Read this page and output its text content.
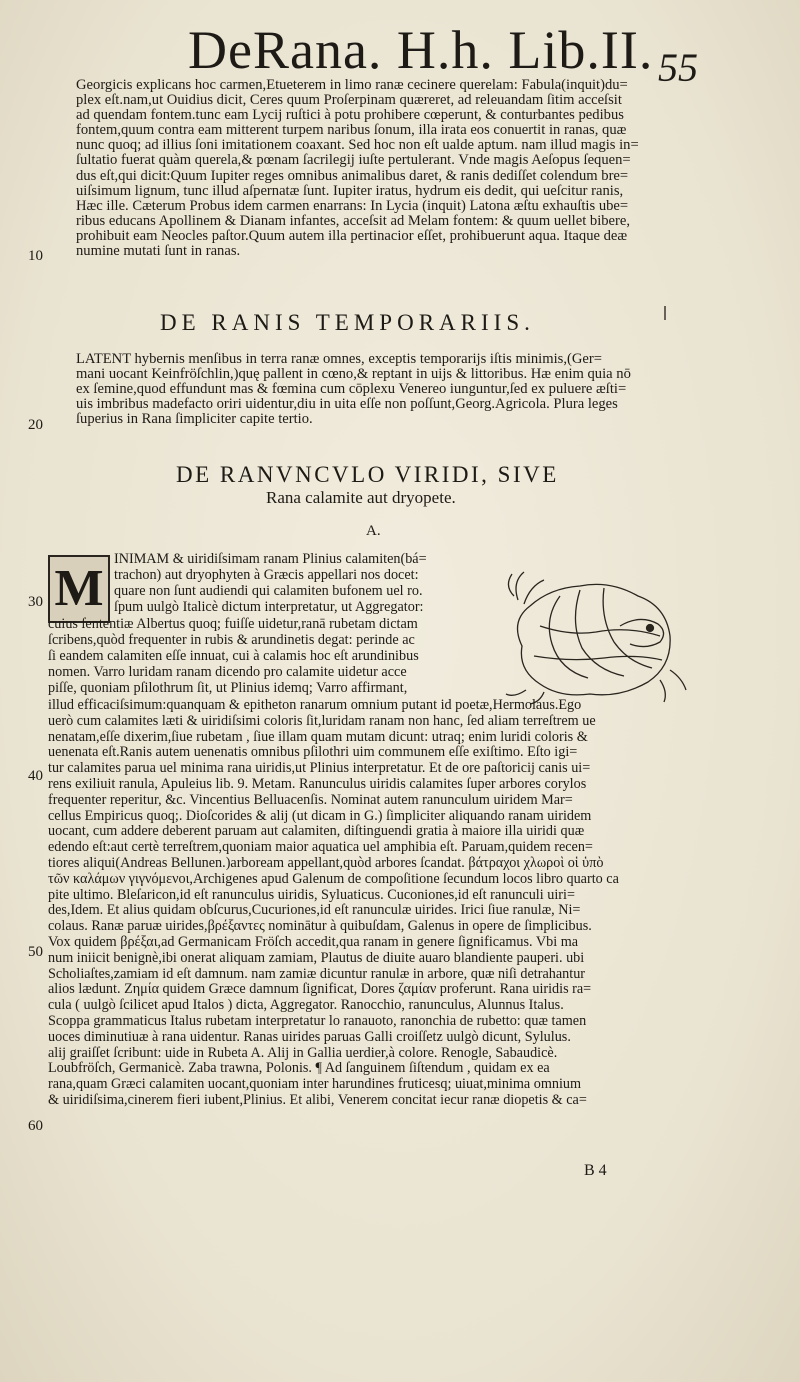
DeRana. H.h. Lib.II. 55
10
20
30
40
50
60
Georgicis explicans hoc carmen,Etueterem in limo ranæ cecinere querelam: Fabula(inquit)du=
plex eſt.nam,ut Ouidius dicit, Ceres quum Proſerpinam quæreret, ad releuandam ſitim acceſsit
ad quendam fontem.tunc eam Lycij ruſtici à potu prohibere cœperunt, & conturbantes pedibus
fontem,quum contra eam mitterent turpem naribus ſonum, illa irata eos conuertit in ranas, quæ
nunc quoq; ad illius ſoni imitationem coaxant. Sed hoc non eſt ualde aptum. nam illud magis in=
ſultatio fuerat quàm querela,& pœnam ſacrilegij iuſte pertulerant. Vnde magis Aeſopus ſequen=
dus eſt,qui dicit:Quum Iupiter reges omnibus animalibus daret, & ranis dediſſet colendum bre=
uiſsimum lignum, tunc illud aſpernatæ ſunt. Iupiter iratus, hydrum eis dedit, qui ueſcitur ranis,
Hæc ille. Cæterum Probus idem carmen enarrans: In Lycia (inquit) Latona æſtu exhauſtis ube=
ribus educans Apollinem & Dianam infantes, acceſsit ad Melam fontem: & quum uellet bibere,
prohibuit eam Neocles paſtor.Quum autem illa pertinacior eſſet, prohibuerunt aqua. Itaque deæ
numine mutati ſunt in ranas.
DE RANIS TEMPORARIIS.
LATENT hybernis menſibus in terra ranæ omnes, exceptis temporarijs iſtis minimis,(Ger=
mani uocant Keinfröſchlin,)quę pallent in cœno,& reptant in uijs & littoribus. Hæ enim quia nō
ex ſemine,quod effundunt mas & fœmina cum cōplexu Venereo iunguntur,ſed ex puluere æſti=
uis imbribus madefacto oriri uidentur,diu in uita eſſe non poſſunt,Georg.Agricola. Plura leges
ſuperius in Rana ſimpliciter capite tertio.
DE RANVNCVLO VIRIDI, SIVE
Rana calamite aut dryopete.
A.
M
INIMAM & uiridiſsimam ranam Plinius calamiten(bá=
trachon) aut dryophyten à Græcis appellari nos docet:
quare non ſunt audiendi qui calamiten bufonem uel ro.
ſpum uulgò Italicè dictum interpretatur, ut Aggregator:
cuius ſententiæ Albertus quoq; fuiſſe uidetur,ranā rubetam dictam
ſcribens,quòd frequenter in rubis & arundinetis degat: perinde ac
ſi eandem calamiten eſſe innuat, cui à calamis hoc eſt arundinibus
nomen. Varro luridam ranam dicendo pro calamite uidetur acce
piſſe, quoniam pſilothrum ſit, ut Plinius idemq; Varro affirmant,
illud efficaciſsimum:quanquam & epitheton ranarum omnium putant id poetæ,Hermolaus.Ego
uerò cum calamites læti & uiridiſsimi coloris ſit,luridam ranam non hanc, ſed aliam terreſtrem ue
nenatam,eſſe dixerim,ſiue rubetam , ſiue illam quam mutam dicunt: utraq; enim luridi coloris &
uenenata eſt.Ranis autem uenenatis omnibus pſilothri uim communem eſſe exiſtimo. Eſto igi=
tur calamites parua uel minima rana uiridis,ut Plinius interpretatur. Et de ore paſtoricij canis ui=
rens exiliuit ranula, Apuleius lib. 9. Metam. Ranunculus uiridis calamites ſuper arbores corylos
frequenter reperitur, &c. Vincentius Belluacenſis. Nominat autem ranunculum uiridem Mar=
cellus Empiricus quoq;. Dioſcorides & alij (ut dicam in G.) ſimpliciter aliquando ranam uiridem
uocant, cum addere deberent paruam aut calamiten, diſtinguendi gratia à maiore illa uiridi quæ
edendo eſt:aut certè terreſtrem,quoniam maior aquatica uel amphibia eſt. Paruam,quidem recen=
tiores aliqui(Andreas Bellunen.)arboream appellant,quòd arbores ſcandat. βάτραχοι χλωροὶ οἱ ὑπὸ
τῶν καλάμων γιγνόμενοι,Archigenes apud Galenum de compoſitione ſecundum locos libro quarto ca
pite ultimo. Bleſaricon,id eſt ranunculus uiridis, Syluaticus. Cuconiones,id eſt ranunculi uiri=
des,Idem. Et alius quidam obſcurus,Cucuriones,id eſt ranunculæ uirides. Irici ſiue ranulæ, Ni=
colaus. Ranæ paruæ uirides,βρέξαντες nominātur à quibuſdam, Galenus in opere de ſimplicibus.
Vox quidem βρέξαι,ad Germanicam Fröſch accedit,qua ranam in genere ſignificamus. Vbi ma
num iniicit benignè,ibi onerat aliquam zamiam, Plautus de diuite auaro blandiente pauperi. ubi
Scholiaſtes,zamiam id eſt damnum. nam zamiæ dicuntur ranulæ in arbore, quæ niſi detrahantur
alios lædunt. Ζημία quidem Græce damnum ſignificat, Dores ζαμίαν proferunt. Rana uiridis ra=
cula ( uulgò ſcilicet apud Italos ) dicta, Aggregator. Ranocchio, ranunculus, Alunnus Italus.
Scoppa grammaticus Italus rubetam interpretatur lo ranauoto, ranonchia de rubetto: quæ tamen
uoces diminutiuæ à rana uidentur. Ranas uirides paruas Galli croiſſetz uulgò dicunt, Sylulus.
alij graiſſet ſcribunt: uide in Rubeta A. Alij in Gallia uerdier,à colore. Renogle, Sabaudicè.
Loubfröſch, Germanicè. Zaba trawna, Polonis. ¶ Ad ſanguinem ſiſtendum , quidam ex ea
rana,quam Græci calamiten uocant,quoniam inter harundines fruticesq; uiuat,minima omnium
& uiridiſsima,cinerem fieri iubent,Plinius. Et alibi, Venerem concitat iecur ranæ diopetis & ca=
B 4
